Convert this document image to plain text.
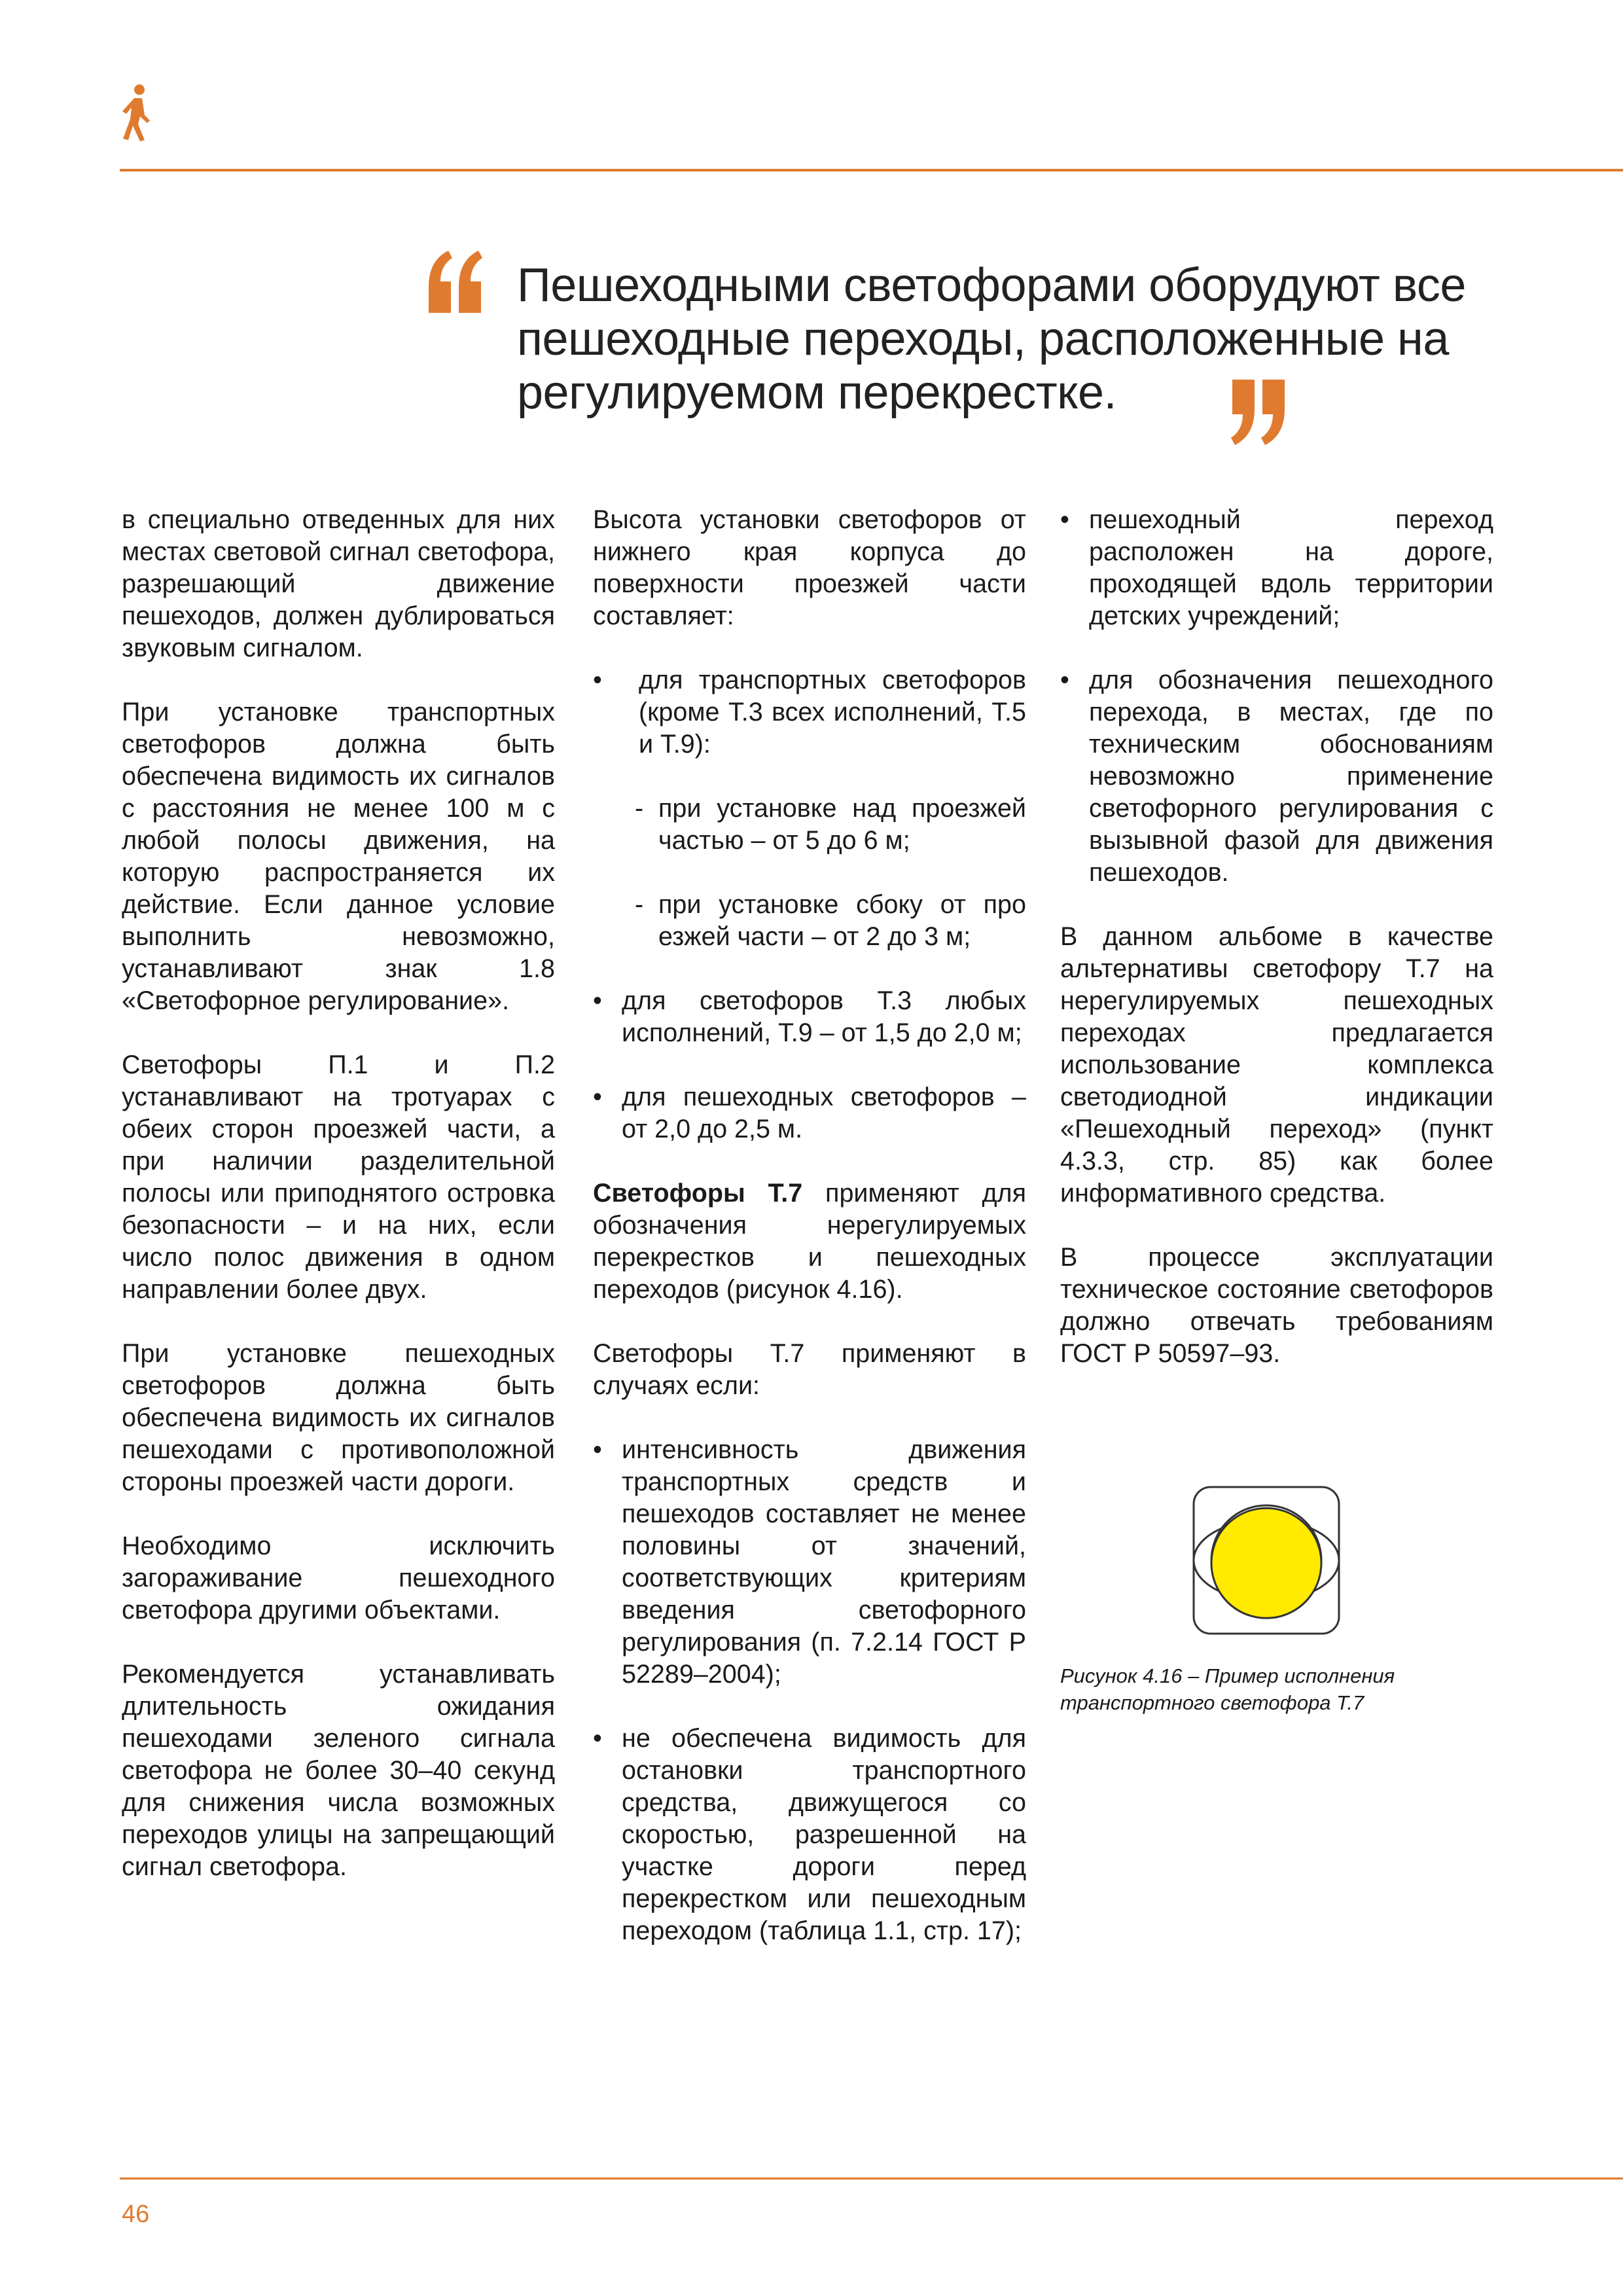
Пешеходными светофорами оборудуют все пешеходные переходы, расположенные на регулируемом перекрестке.

в специально отведенных для них местах световой сигнал светофора, разрешающий движение пешеходов, должен дублироваться звуковым сигналом.

При установке транспортных светофоров должна быть обеспечена видимость их сигналов с расстояния не менее 100 м с любой полосы движения, на которую распространяется их действие. Если данное условие выполнить невозможно, устанавливают знак 1.8 «Светофорное регулирование».

Светофоры П.1 и П.2 устанавливают на тротуарах с обеих сторон проезжей части, а при наличии разделительной полосы или приподнятого островка безопасности – и на них, если число полос движения в одном направлении более двух.

При установке пешеходных светофоров должна быть обеспечена видимость их сигналов пешеходами с противоположной стороны проезжей части дороги.

Необходимо исключить загораживание пешеходного светофора другими объектами.

Рекомендуется устанавливать длительность ожидания пешеходами зеленого сигнала светофора не более 30–40 секунд для снижения числа возможных переходов улицы на запрещающий сигнал светофора.

Высота установки светофоров от нижнего края корпуса до поверхности проезжей части составляет:

• для транспортных светофоров (кроме Т.3 всех исполнений, Т.5 и Т.9):
- при установке над проезжей частью – от 5 до 6 м;
- при установке сбоку от про езжей части – от 2 до 3 м;
• для светофоров Т.3 любых исполнений, Т.9 – от 1,5 до 2,0 м;
• для пешеходных светофоров – от 2,0 до 2,5 м.

Светофоры Т.7 применяют для обозначения нерегулируемых перекрестков и пешеходных переходов (рисунок 4.16).

Светофоры Т.7 применяют в случаях если:

• интенсивность движения транспортных средств и пешеходов составляет не менее половины от значений, соответствующих критериям введения светофорного регулирования (п. 7.2.14 ГОСТ Р 52289–2004);
• не обеспечена видимость для остановки транспортного средства, движущегося со скоростью, разрешенной на участке дороги перед перекрестком или пешеходным переходом (таблица 1.1, стр. 17);
• пешеходный переход расположен на дороге, проходящей вдоль территории детских учреждений;
• для обозначения пешеходного перехода, в местах, где по техническим обоснованиям невозможно применение светофорного регулирования с вызывной фазой для движения пешеходов.

В данном альбоме в качестве альтернативы светофору Т.7 на нерегулируемых пешеходных переходах предлагается использование комплекса светодиодной индикации «Пешеходный переход» (пункт 4.3.3, стр. 85) как более информативного средства.

В процессе эксплуатации техническое состояние светофоров должно отвечать требованиям ГОСТ Р 50597–93.

Рисунок 4.16 – Пример исполнения транспортного светофора Т.7
46
